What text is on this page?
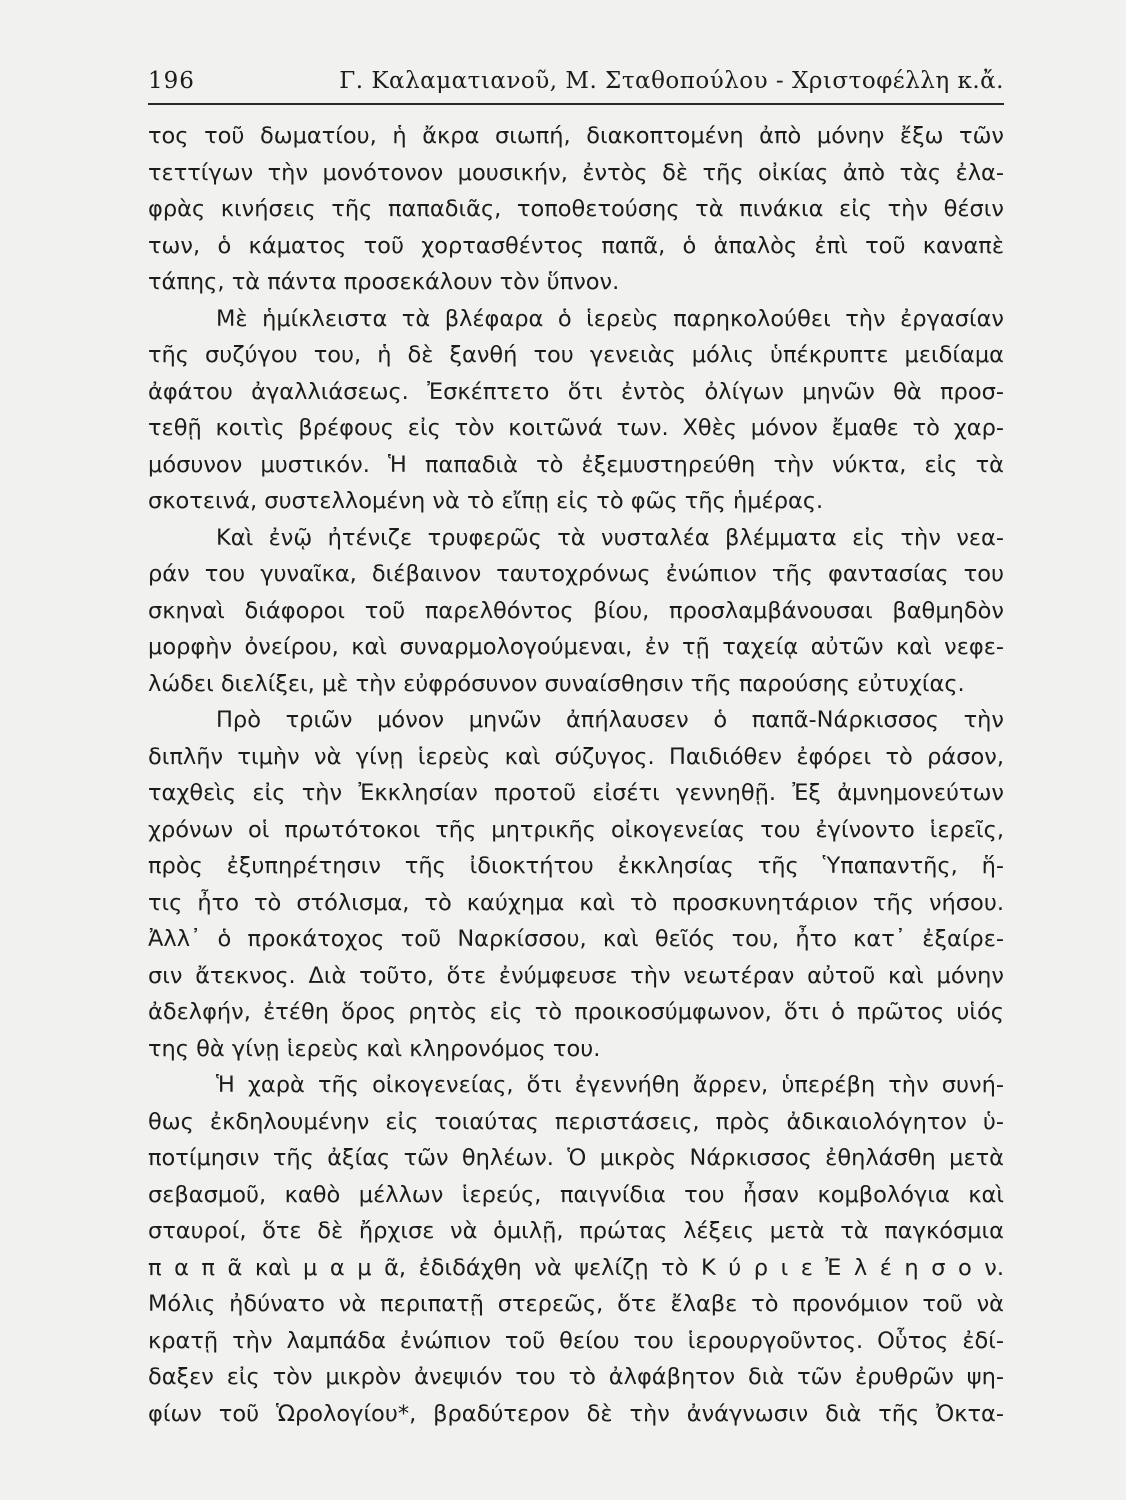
196	Γ. Καλαματιανοῦ, Μ. Σταθοπούλου - Χριστοφέλλη κ.ἄ.
τος τοῦ δωματίου, ἡ ἄκρα σιωπή, διακοπτομένη ἀπὸ μόνην ἔξω τῶν
τεττίγων τὴν μονότονον μουσικήν, ἐντὸς δὲ τῆς οἰκίας ἀπὸ τὰς ἐλα-
φρὰς κινήσεις τῆς παπαδιᾶς, τοποθετούσης τὰ πινάκια εἰς τὴν θέσιν
των, ὁ κάματος τοῦ χορτασθέντος παπᾶ, ὁ ἁπαλὸς ἐπὶ τοῦ καναπὲ
τάπης, τὰ πάντα προσεκάλουν τὸν ὕπνον.
Μὲ ἡμίκλειστα τὰ βλέφαρα ὁ ἱερεὺς παρηκολούθει τὴν ἐργασίαν
τῆς συζύγου του, ἡ δὲ ξανθή του γενειὰς μόλις ὑπέκρυπτε μειδίαμα
ἀφάτου ἀγαλλιάσεως. Ἐσκέπτετο ὅτι ἐντὸς ὀλίγων μηνῶν θὰ προσ-
τεθῇ κοιτὶς βρέφους εἰς τὸν κοιτῶνά των. Χθὲς μόνον ἔμαθε τὸ χαρ-
μόσυνον μυστικόν. Ἡ παπαδιὰ τὸ ἐξεμυστηρεύθη τὴν νύκτα, εἰς τὰ
σκοτεινά, συστελλομένη νὰ τὸ εἴπῃ εἰς τὸ φῶς τῆς ἡμέρας.
Καὶ ἐνῷ ἠτένιζε τρυφερῶς τὰ νυσταλέα βλέμματα εἰς τὴν νεα-
ράν του γυναῖκα, διέβαινον ταυτοχρόνως ἐνώπιον τῆς φαντασίας του
σκηναὶ διάφοροι τοῦ παρελθόντος βίου, προσλαμβάνουσαι βαθμηδὸν
μορφὴν ὀνείρου, καὶ συναρμολογούμεναι, ἐν τῇ ταχείᾳ αὐτῶν καὶ νεφε-
λώδει διελίξει, μὲ τὴν εὐφρόσυνον συναίσθησιν τῆς παρούσης εὐτυχίας.
Πρὸ τριῶν μόνον μηνῶν ἀπήλαυσεν ὁ παπᾶ-Νάρκισσος τὴν
διπλῆν τιμὴν νὰ γίνῃ ἱερεὺς καὶ σύζυγος. Παιδιόθεν ἐφόρει τὸ ράσον,
ταχθεὶς εἰς τὴν Ἐκκλησίαν προτοῦ εἰσέτι γεννηθῇ. Ἐξ ἀμνημονεύτων
χρόνων οἱ πρωτότοκοι τῆς μητρικῆς οἰκογενείας του ἐγίνοντο ἱερεῖς,
πρὸς ἐξυπηρέτησιν τῆς ἰδιοκτήτου ἐκκλησίας τῆς Ὑπαπαντῆς, ἥ-
τις ἦτο τὸ στόλισμα, τὸ καύχημα καὶ τὸ προσκυνητάριον τῆς νήσου.
Ἀλλ᾽ ὁ προκάτοχος τοῦ Ναρκίσσου, καὶ θεῖός του, ἦτο κατ᾽ ἐξαίρε-
σιν ἄτεκνος. Διὰ τοῦτο, ὅτε ἐνύμφευσε τὴν νεωτέραν αὐτοῦ καὶ μόνην
ἀδελφήν, ἐτέθη ὅρος ρητὸς εἰς τὸ προικοσύμφωνον, ὅτι ὁ πρῶτος υἱός
της θὰ γίνῃ ἱερεὺς καὶ κληρονόμος του.
Ἡ χαρὰ τῆς οἰκογενείας, ὅτι ἐγεννήθη ἄρρεν, ὑπερέβη τὴν συνή-
θως ἐκδηλουμένην εἰς τοιαύτας περιστάσεις, πρὸς ἀδικαιολόγητον ὑ-
ποτίμησιν τῆς ἀξίας τῶν θηλέων. Ὁ μικρὸς Νάρκισσος ἐθηλάσθη μετὰ
σεβασμοῦ, καθὸ μέλλων ἱερεύς, παιγνίδια του ἦσαν κομβολόγια καὶ
σταυροί, ὅτε δὲ ἤρχισε νὰ ὁμιλῇ, πρώτας λέξεις μετὰ τὰ παγκόσμια
π α π ᾶ καὶ μ α μ ᾶ, ἐδιδάχθη νὰ ψελίζῃ τὸ Κ ύ ρ ι ε Ἐ λ έ η σ ο ν.
Μόλις ἠδύνατο νὰ περιπατῇ στερεῶς, ὅτε ἔλαβε τὸ προνόμιον τοῦ νὰ
κρατῇ τὴν λαμπάδα ἐνώπιον τοῦ θείου του ἱερουργοῦντος. Οὗτος ἐδί-
δαξεν εἰς τὸν μικρὸν ἀνεψιόν του τὸ ἀλφάβητον διὰ τῶν ἐρυθρῶν ψη-
φίων τοῦ Ὡρολογίου*, βραδύτερον δὲ τὴν ἀνάγνωσιν διὰ τῆς Ὀκτα-
